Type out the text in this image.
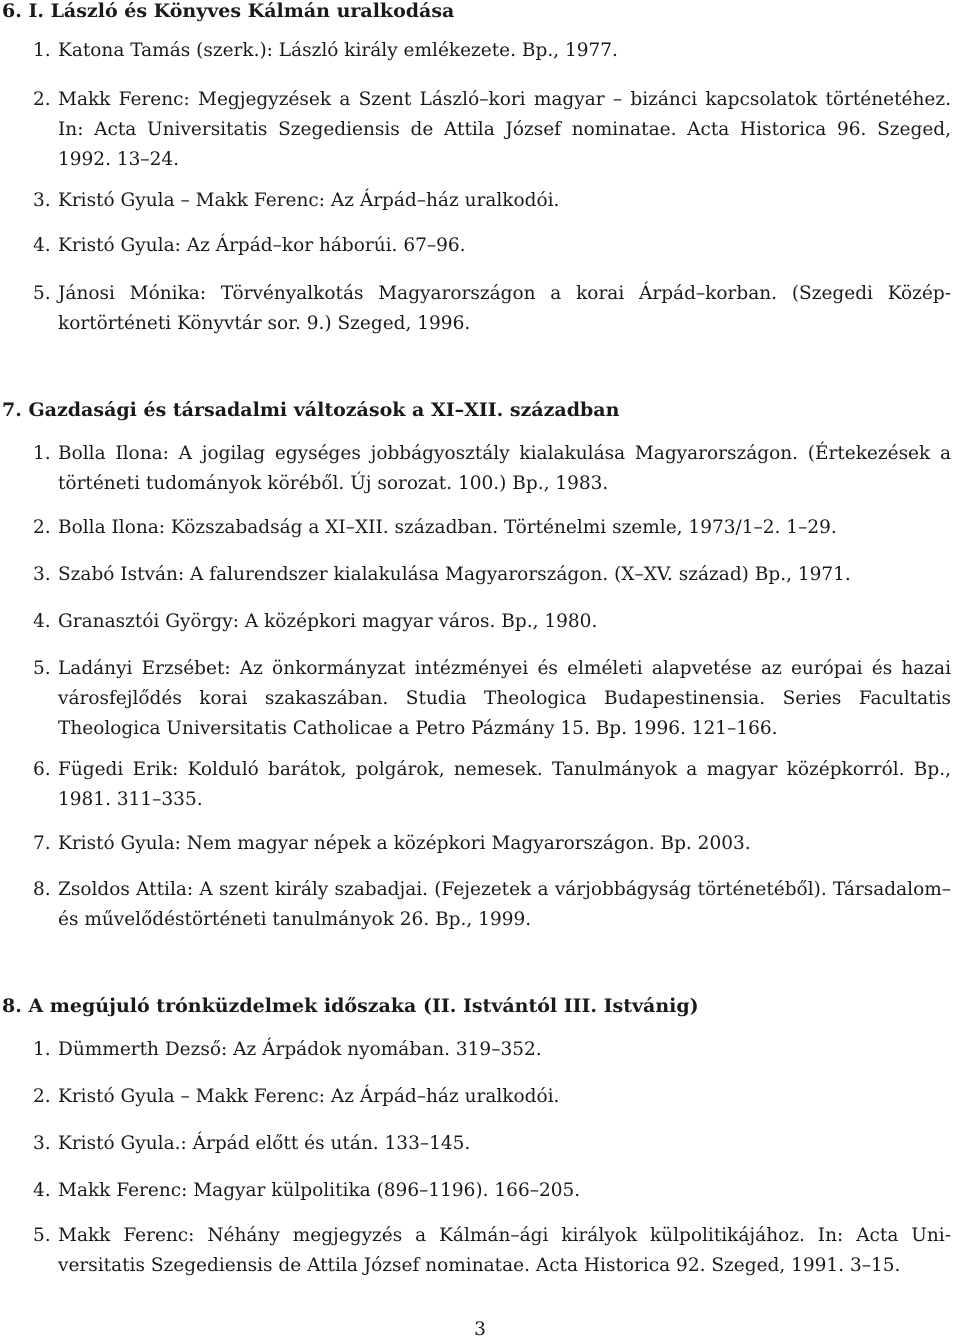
6. I. László és Könyves Kálmán uralkodása
1. Katona Tamás (szerk.): László király emlékezete. Bp., 1977.
2. Makk Ferenc: Megjegyzések a Szent László–kori magyar – bizánci kapcsolatok történetéhez. In: Acta Universitatis Szegediensis de Attila József nominatae. Acta Historica 96. Szeged, 1992. 13–24.
3. Kristó Gyula – Makk Ferenc: Az Árpád–ház uralkodói.
4. Kristó Gyula: Az Árpád–kor háborúi. 67–96.
5. Jánosi Mónika: Törvényalkotás Magyarországon a korai Árpád–korban. (Szegedi Középkortörténeti Könyvtár sor. 9.) Szeged, 1996.
7. Gazdasági és társadalmi változások a XI–XII. században
1. Bolla Ilona: A jogilag egységes jobbágyosztály kialakulása Magyarországon. (Értekezések a történeti tudományok köréből. Új sorozat. 100.) Bp., 1983.
2. Bolla Ilona: Közszabadság a XI–XII. században. Történelmi szemle, 1973/1–2. 1–29.
3. Szabó István: A falurendszer kialakulása Magyarországon. (X–XV. század) Bp., 1971.
4. Granasztói György: A középkori magyar város. Bp., 1980.
5. Ladányi Erzsébet: Az önkormányzat intézményei és elméleti alapvetése az európai és hazai városfejlődés korai szakaszában. Studia Theologica Budapestinensia. Series Facultatis Theologica Universitatis Catholicae a Petro Pázmány 15. Bp. 1996. 121–166.
6. Fügedi Erik: Kolduló barátok, polgárok, nemesek. Tanulmányok a magyar középkorról. Bp., 1981. 311–335.
7. Kristó Gyula: Nem magyar népek a középkori Magyarországon. Bp. 2003.
8. Zsoldos Attila: A szent király szabadjai. (Fejezetek a várjobbágyság történetéből). Társadalom– és művelődéstörténeti tanulmányok 26. Bp., 1999.
8. A megújuló trónküzdelmek időszaka (II. Istvántól III. Istvánig)
1. Dümmerth Dezső: Az Árpádok nyomában. 319–352.
2. Kristó Gyula – Makk Ferenc: Az Árpád–ház uralkodói.
3. Kristó Gyula.: Árpád előtt és után. 133–145.
4. Makk Ferenc: Magyar külpolitika (896–1196). 166–205.
5. Makk Ferenc: Néhány megjegyzés a Kálmán–ági királyok külpolitikájához. In: Acta Universitatis Szegediensis de Attila József nominatae. Acta Historica 92. Szeged, 1991. 3–15.
3
